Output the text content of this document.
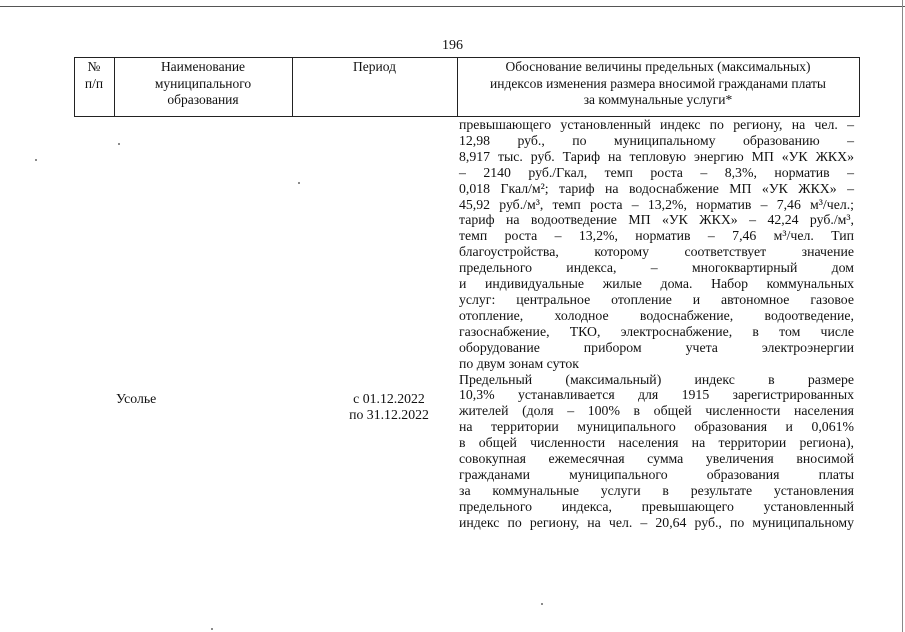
196
№
п/п
Наименование
муниципального
образования
Период	Обоснование величины предельных (максимальных)
индексов изменения размера вносимой гражданами платы
за коммунальные услуги*
превышающего установленный индекс по региону, на чел. –
12,98 руб., по муниципальному образованию –
8,917 тыс. руб. Тариф на тепловую энергию МП «УК ЖКХ»
– 2140 руб./Гкал, темп роста – 8,3%, норматив –
0,018 Гкал/м²; тариф на водоснабжение МП «УК ЖКХ» –
45,92 руб./м³, темп роста – 13,2%, норматив – 7,46 м³/чел.;
тариф на водоотведение МП «УК ЖКХ» – 42,24 руб./м³,
темп роста – 13,2%, норматив – 7,46 м³/чел. Тип
благоустройства, которому соответствует значение
предельного индекса, – многоквартирный дом
и индивидуальные жилые дома. Набор коммунальных
услуг: центральное отопление и автономное газовое
отопление, холодное водоснабжение, водоотведение,
газоснабжение, ТКО, электроснабжение, в том числе
оборудование прибором учета электроэнергии
по двум зонам суток
Предельный (максимальный) индекс в размере
10,3% устанавливается для 1915 зарегистрированных
жителей (доля – 100% в общей численности населения
на территории муниципального образования и 0,061%
в общей численности населения на территории региона),
совокупная ежемесячная сумма увеличения вносимой
гражданами муниципального образования платы
за коммунальные услуги в результате установления
предельного индекса, превышающего установленный
индекс по региону, на чел. – 20,64 руб., по муниципальному
Усолье	с 01.12.2022
по 31.12.2022
